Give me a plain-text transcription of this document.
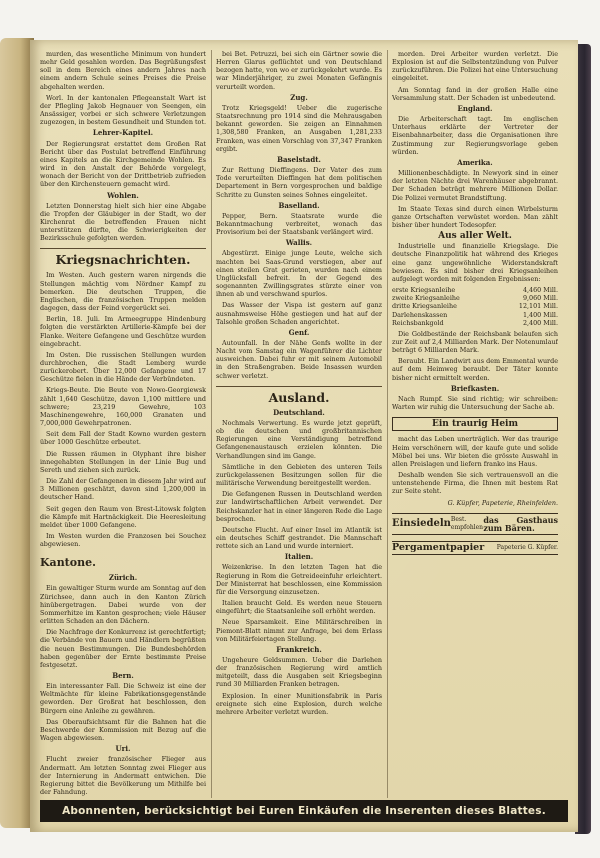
murden, das wesentliche Minimum von hundert mehr Geld gesahlen worden. Das Begrüßungsfest soll in dem Bereich eines andern Jahres nach einem andern Schule seines Preises die Preise abgehalten werden.

Worl. In der kantonalen Pflegeanstalt Wart ist der Pflegling Jakob Hegnauer von Seengen, ein Ansässiger, vorbei er sich schwere Verletzungen zugezogen, in bestem Gesundheit und Stunden tot.

Lehrer-Kapitel.

Der Regierungsrat erstattet dem Großen Rat Bericht über das Postulat betreffend Einführung eines Kapitels an die Kirchgemeinde Wohlen. Es wird in den Anstalt der Behörde vorgelegt, wonach der Bericht von der Drittbetrieb zufrieden über den Kirchensteuern gemacht wird.

Wohlen.

Letzten Donnerstag hielt sich hier eine Abgabe die Tropfen der Gläubiger in der Stadt, wo der Kirchenrat die betreffenden Frauen nicht unterstützen dürfte, die Schwierigkeiten der Bezirksschule gefolgten werden.

Kriegsnachrichten.

Im Westen. Auch gestern waren nirgends die Stellungen mächtig vom Nördner Kampf zu bemerken. Die deutschen Truppen, die Englischen, die französischen Truppen melden dagegen, dass der Feind vorgerückt sei.

Berlin, 18. Juli. Im Armeegruppe Hindenburg folgten die verstärkten Artillerie-Kämpfe bei der Flanke. Weitere Gefangene und Geschütze wurden eingebracht.

Im Osten. Die russischen Stellungen wurden durchbrochen, die Stadt Lemberg wurde zurückerobert. Über 12,000 Gefangene und 17 Geschütze fielen in die Hände der Verbündeten.

Kriegs-Beute. Die Beute von Nowo-Georgiewsk zählt 1,640 Geschütze, davon 1,100 mittlere und schwere; 23,219 Gewehre, 103 Maschinengewehre, 160,000 Granaten und 7,000,000 Gewehrpatronen.

Seit dem Fall der Stadt Kowno wurden gestern über 1000 Geschütze erbeutet.

Die Russen räumen in Olyphant ihre bisher innegehabten Stellungen in der Linie Bug und Sereth und ziehen sich zurück.

Die Zahl der Gefangenen in diesem Jahr wird auf 3 Millionen geschätzt, davon sind 1,200,000 in deutscher Hand.

Seit gegen den Raum von Brest-Litowsk folgten die Kämpfe mit Hartnäckigkeit. Die Heeresleitung meldet über 1000 Gefangene.

Im Westen wurden die Franzosen bei Souchez abgewiesen.

Kantone.
Zürich.

Ein gewaltiger Sturm wurde am Sonntag auf den Zürichsee, dann auch in den Kanton Zürich hinübergetragen. Dabei wurde von der Sommerhitze im Kanton gesprochen; viele Häuser erlitten Schaden an den Dächern.

Die Nachfrage der Konkurrenz ist gerechtfertigt; die Verbände von Bauern und Händlern begrüßten die neuen Bestimmungen. Die Bundesbehörden haben gegenüber der Ernte bestimmte Preise festgesetzt.

Bern.

Ein interessanter Fall. Die Schweiz ist eine der Weltmächte für kleine Fabrikationsgegenstände geworden. Der Großrat hat beschlossen, den Bürgern eine Anleihe zu gewähren.

Das Oberaufsichtsamt für die Bahnen hat die Beschwerde der Kommission mit Bezug auf die Wagen abgewiesen.

Uri.

Flucht zweier französischer Flieger aus Andermatt. Am letzten Sonntag zwei Flieger aus der Internierung in Andermatt entwichen. Die Regierung bittet die Bevölkerung um Mithilfe bei der Fahndung.

bei Bet. Petruzzi, bei sich ein Gärtner sowie die Herren Glarus geflüchtet und von Deutschland bezogen hatte, von wo er zurückgekehrt wurde. Es war Minderjähriger, zu zwei Monaten Gefängnis verurteilt worden.

Zug.

Trotz Kriegsgeld! Ueber die zugerische Staatsrechnung pro 1914 sind die Mehrausgaben bekannt geworden. Sie zeigen an Einnahmen 1,308,580 Franken, an Ausgaben 1,281,233 Franken, was einen Vorschlag von 37,347 Franken ergibt.

Baselstadt.

Zur Rettung Dieffingens. Der Vater des zum Tode verurteilten Dieffingen hat dem politischen Departement in Bern vorgesprochen und baldige Schritte zu Gunsten seines Sohnes eingeleitet.

Baselland.

Pepper, Bern. Staatsrate wurde die Bekanntmachung verbreitet, wonach das Provisorium bei der Staatsbank verlängert wird.

Wallis.

Abgestürzt. Einige junge Leute, welche sich machten bei Saas-Grund verstiegen, aber auf einen steilen Grat gerieten, wurden nach einem Unglücksfall befreit. In der Gegend des sogenannten Zwillingsgrates stürzte einer von ihnen ab und verschwand spurlos.

Das Wasser der Vispa ist gestern auf ganz ausnahmsweise Höhe gestiegen und hat auf der Talsohle großen Schaden angerichtet.

Genf.

Autounfall. In der Nähe Genfs wollte in der Nacht vom Samstag ein Wagenführer die Lichter ausweichen. Dabei fuhr er mit seinem Automobil in den Straßengraben. Beide Insassen wurden schwer verletzt.

Ausland.
Deutschland.

Nochmals Verwertung. Es wurde jetzt geprüft, ob die deutschen und großbritannischen Regierungen eine Verständigung betreffend Gefangenenaustausch erzielen könnten. Die Verhandlungen sind im Gange.

Sämtliche in den Gebieten des unteren Teils zurückgelassenen Besitzungen sollen für die militärische Verwendung bereitgestellt werden.

Die Gefangenen Russen in Deutschland werden zur landwirtschaftlichen Arbeit verwendet. Der Reichskanzler hat in einer längeren Rede die Lage besprochen.

Deutsche Flucht. Auf einer Insel im Atlantik ist ein deutsches Schiff gestrandet. Die Mannschaft rettete sich an Land und wurde interniert.

Italien.

Weizenkrise. In den letzten Tagen hat die Regierung in Rom die Getreideeinfuhr erleichtert. Der Ministerrat hat beschlossen, eine Kommission für die Versorgung einzusetzen.

Italien braucht Geld. Es werden neue Steuern eingeführt; die Staatsanleihe soll erhöht werden.

Neue Sparsamkeit. Eine Militärschreiben in Piemont-Blatt nimmt zur Anfrage, bei dem Erlass von Militärfeiertagen Stellung.

Frankreich.

Ungeheure Geldsummen. Ueber die Darlehen der französischen Regierung wird amtlich mitgeteilt, dass die Ausgaben seit Kriegsbeginn rund 30 Milliarden Franken betragen.

Explosion. In einer Munitionsfabrik in Paris ereignete sich eine Explosion, durch welche mehrere Arbeiter verletzt wurden.

morden. Drei Arbeiter wurden verletzt. Die Explosion ist auf die Selbstentzündung von Pulver zurückzuführen. Die Polizei hat eine Untersuchung eingeleitet.

Am Sonntag fand in der großen Halle eine Versammlung statt. Der Schaden ist unbedeutend.

England.

Die Arbeiterschaft tagt. Im englischen Unterhaus erklärte der Vertreter der Eisenbahnarbeiter, dass die Organisationen ihre Zustimmung zur Regierungsvorlage geben würden.

Amerika.

Millionenbeschädigte. In Newyork sind in einer der letzten Nächte drei Warenhäuser abgebrannt. Der Schaden beträgt mehrere Millionen Dollar. Die Polizei vermutet Brandstiftung.

Im Staate Texas sind durch einen Wirbelsturm ganze Ortschaften verwüstet worden. Man zählt bisher über hundert Todesopfer.

Aus aller Welt.

Industrielle und finanzielle Kriegslage. Die deutsche Finanzpolitik hat während des Krieges eine ganz ungewöhnliche Widerstandskraft bewiesen. Es sind bisher drei Kriegsanleihen aufgelegt worden mit folgenden Ergebnissen:

erste Kriegsanleihe	4,460 Mill.
zweite Kriegsanleihe	9,060 Mill.
dritte Kriegsanleihe	12,101 Mill.
Darlehenskassen	1,400 Mill.
Reichsbankgold	2,400 Mill.

Die Goldbestände der Reichsbank belaufen sich zur Zeit auf 2,4 Milliarden Mark. Der Notenumlauf beträgt 6 Milliarden Mark.

Beraubt. Ein Landwirt aus dem Emmental wurde auf dem Heimweg beraubt. Der Täter konnte bisher nicht ermittelt werden.

Briefkasten.

Nach Rumpf. Sie sind richtig; wir schreiben: Warten wir ruhig die Untersuchung der Sache ab.

Ein traurig Heim

macht das Leben unerträglich. Wer das traurige Heim verschönern will, der kaufe gute und solide Möbel bei uns. Wir bieten die grösste Auswahl in allen Preislagen und liefern franko ins Haus.

Deshalb wenden Sie sich vertrauensvoll an die untenstehende Firma, die Ihnen mit bestem Rat zur Seite steht.

G. Küpfer, Papeterie, Rheinfelden.
Einsiedeln Best. empfohlen
das Gasthaus zum Bären.
Pergamentpapier Papeterie G. Küpfer.
Abonnenten, berücksichtigt bei Euren Einkäufen die Inserenten dieses Blattes.
